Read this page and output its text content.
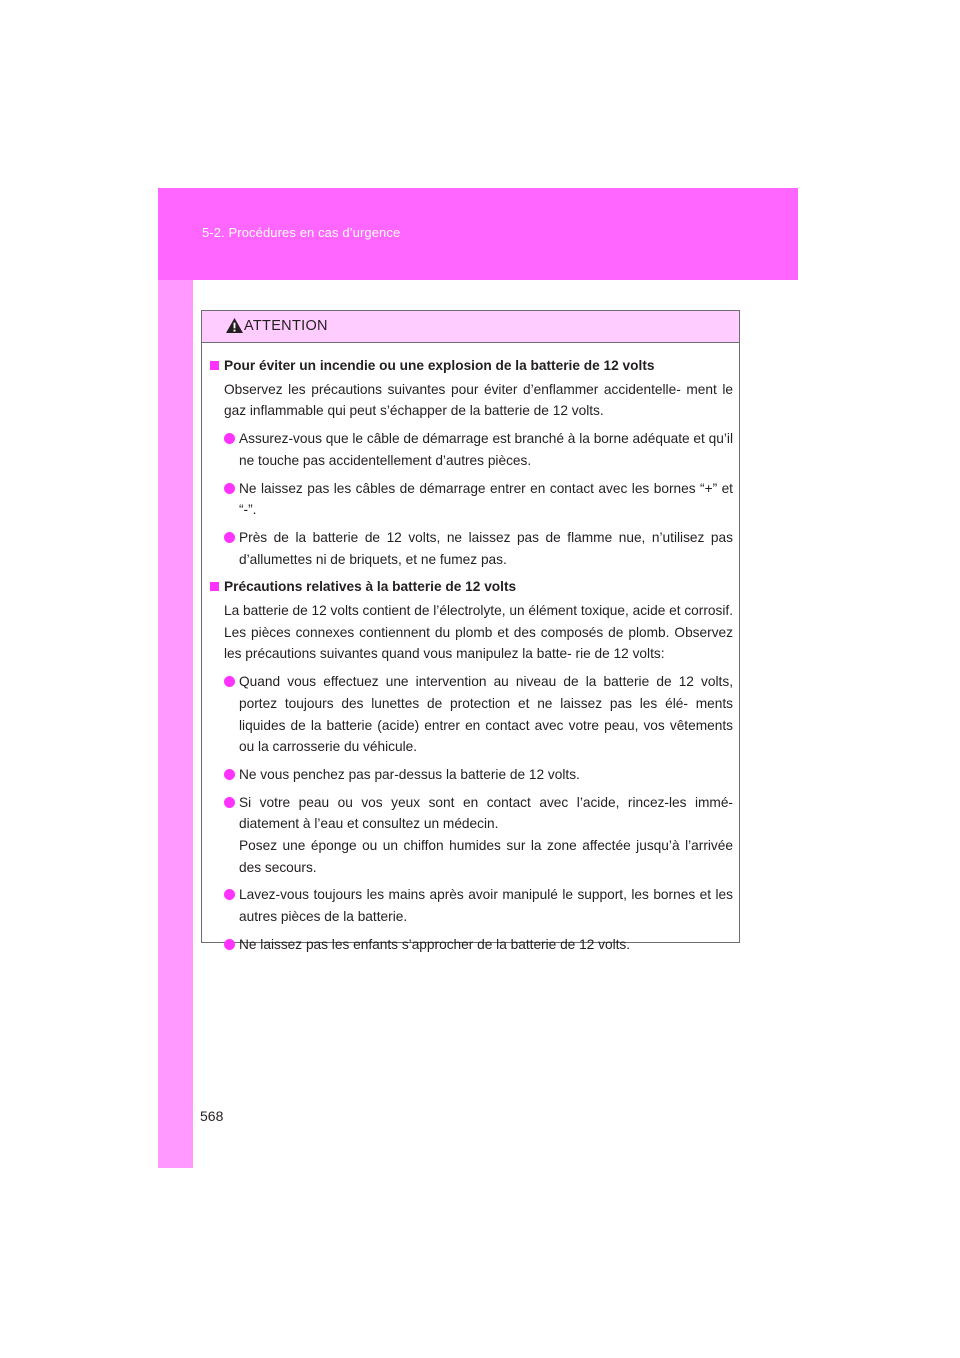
5-2. Procédures en cas d’urgence
ATTENTION
Pour éviter un incendie ou une explosion de la batterie de 12 volts
Observez les précautions suivantes pour éviter d’enflammer accidentelle- ment le gaz inflammable qui peut s’échapper de la batterie de 12 volts.
Assurez-vous que le câble de démarrage est branché à la borne adéquate et qu’il ne touche pas accidentellement d’autres pièces.
Ne laissez pas les câbles de démarrage entrer en contact avec les bornes “+” et “-”.
Près de la batterie de 12 volts, ne laissez pas de flamme nue, n’utilisez pas d’allumettes ni de briquets, et ne fumez pas.
Précautions relatives à la batterie de 12 volts
La batterie de 12 volts contient de l’électrolyte, un élément toxique, acide et corrosif. Les pièces connexes contiennent du plomb et des composés de plomb. Observez les précautions suivantes quand vous manipulez la batte- rie de 12 volts:
Quand vous effectuez une intervention au niveau de la batterie de 12 volts, portez toujours des lunettes de protection et ne laissez pas les élé- ments liquides de la batterie (acide) entrer en contact avec votre peau, vos vêtements ou la carrosserie du véhicule.
Ne vous penchez pas par-dessus la batterie de 12 volts.
Si votre peau ou vos yeux sont en contact avec l’acide, rincez-les immé- diatement à l’eau et consultez un médecin.
Posez une éponge ou un chiffon humides sur la zone affectée jusqu’à l’arrivée des secours.
Lavez-vous toujours les mains après avoir manipulé le support, les bornes et les autres pièces de la batterie.
Ne laissez pas les enfants s’approcher de la batterie de 12 volts.
568
